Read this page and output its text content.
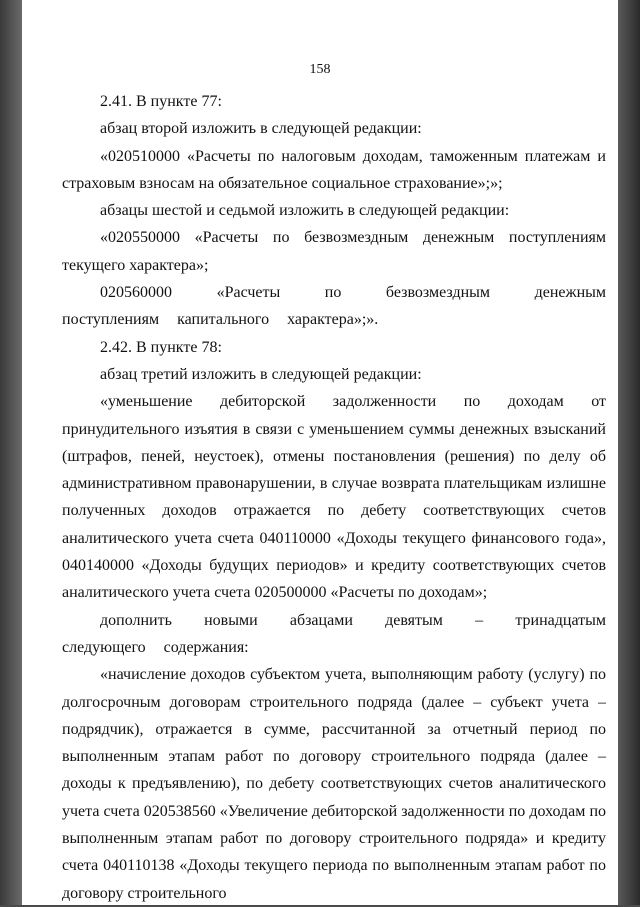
158

2.41. В пункте 77:

абзац второй изложить в следующей редакции:

«020510000 «Расчеты по налоговым доходам, таможенным платежам и страховым взносам на обязательное социальное страхование»;»;

абзацы шестой и седьмой изложить в следующей редакции:

«020550000 «Расчеты по безвозмездным денежным поступлениям текущего характера»;

020560000 «Расчеты по безвозмездным денежным поступлениям капитального характера»;».

2.42. В пункте 78:

абзац третий изложить в следующей редакции:

«уменьшение дебиторской задолженности по доходам от принудительного изъятия в связи с уменьшением суммы денежных взысканий (штрафов, пеней, неустоек), отмены постановления (решения) по делу об административном правонарушении, в случае возврата плательщикам излишне полученных доходов отражается по дебету соответствующих счетов аналитического учета счета 040110000 «Доходы текущего финансового года», 040140000 «Доходы будущих периодов» и кредиту соответствующих счетов аналитического учета счета 020500000 «Расчеты по доходам»;

дополнить новыми абзацами девятым – тринадцатым следующего содержания:

«начисление доходов субъектом учета, выполняющим работу (услугу) по долгосрочным договорам строительного подряда (далее – субъект учета – подрядчик), отражается в сумме, рассчитанной за отчетный период по выполненным этапам работ по договору строительного подряда (далее – доходы к предъявлению), по дебету соответствующих счетов аналитического учета счета 020538560 «Увеличение дебиторской задолженности по доходам по выполненным этапам работ по договору строительного подряда» и кредиту счета 040110138 «Доходы текущего периода по выполненным этапам работ по договору строительного
